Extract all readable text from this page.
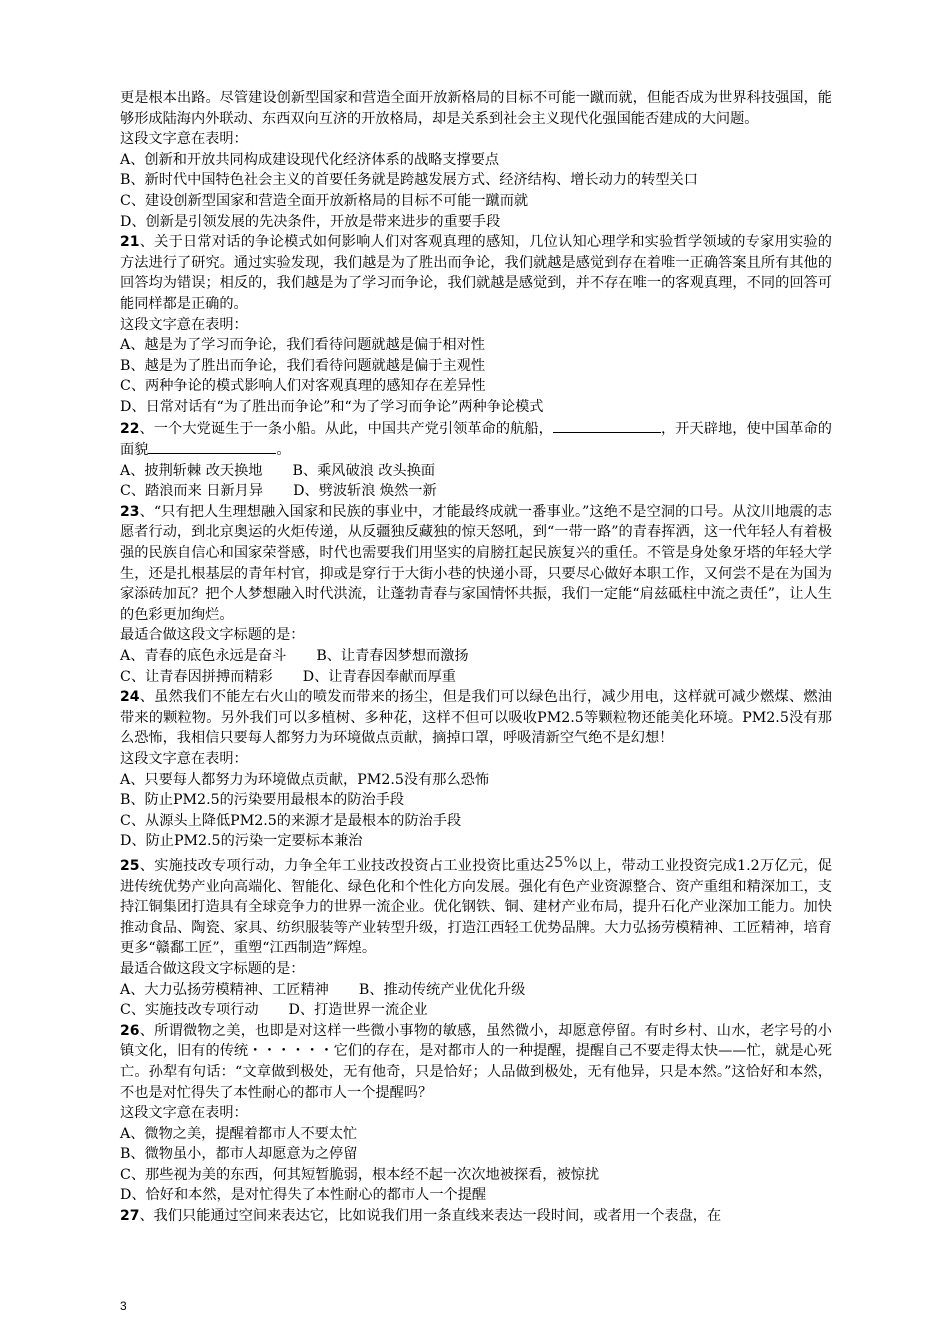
更是根本出路。尽管建设创新型国家和营造全面开放新格局的目标不可能一蹴而就，但能否成为世界科技强国，能够形成陆海内外联动、东西双向互济的开放格局，却是关系到社会主义现代化强国能否建成的大问题。

这段文字意在表明：

A、创新和开放共同构成建设现代化经济体系的战略支撑要点
B、新时代中国特色社会主义的首要任务就是跨越发展方式、经济结构、增长动力的转型关口
C、建设创新型国家和营造全面开放新格局的目标不可能一蹴而就
D、创新是引领发展的先决条件，开放是带来进步的重要手段

21、关于日常对话的争论模式如何影响人们对客观真理的感知，几位认知心理学和实验哲学领域的专家用实验的方法进行了研究。通过实验发现，我们越是为了胜出而争论，我们就越是感觉到存在着唯一正确答案且所有其他的回答均为错误；相反的，我们越是为了学习而争论，我们就越是感觉到，并不存在唯一的客观真理，不同的回答可能同样都是正确的。

这段文字意在表明：

A、越是为了学习而争论，我们看待问题就越是偏于相对性
B、越是为了胜出而争论，我们看待问题就越是偏于主观性
C、两种争论的模式影响人们对客观真理的感知存在差异性
D、日常对话有“为了胜出而争论”和“为了学习而争论”两种争论模式

22、一个大党诞生于一条小船。从此，中国共产党引领革命的航船，	，开天辟地，使中国革命的面貌	。

A、披荆斩棘 改天换地 B、乘风破浪 改头换面
C、踏浪而来 日新月异 D、劈波斩浪 焕然一新

23、“只有把人生理想融入国家和民族的事业中，才能最终成就一番事业。”这绝不是空洞的口号。从汶川地震的志愿者行动，到北京奥运的火炬传递，从反疆独反藏独的惊天怒吼，到“一带一路”的青春挥洒，这一代年轻人有着极强的民族自信心和国家荣誉感，时代也需要我们用坚实的肩膀扛起民族复兴的重任。不管是身处象牙塔的年轻大学生，还是扎根基层的青年村官，抑或是穿行于大街小巷的快递小哥，只要尽心做好本职工作，又何尝不是在为国为家添砖加瓦？把个人梦想融入时代洪流，让蓬勃青春与家国情怀共振，我们一定能“肩兹砥柱中流之责任”，让人生的色彩更加绚烂。

最适合做这段文字标题的是：

A、青春的底色永远是奋斗 B、让青春因梦想而激扬
C、让青春因拼搏而精彩 D、让青春因奉献而厚重

24、虽然我们不能左右火山的喷发而带来的扬尘，但是我们可以绿色出行，减少用电，这样就可减少燃煤、燃油带来的颗粒物。另外我们可以多植树、多种花，这样不但可以吸收PM2.5等颗粒物还能美化环境。PM2.5没有那么恐怖，我相信只要每人都努力为环境做点贡献，摘掉口罩，呼吸清新空气绝不是幻想！

这段文字意在表明：

A、只要每人都努力为环境做点贡献，PM2.5没有那么恐怖
B、防止PM2.5的污染要用最根本的防治手段
C、从源头上降低PM2.5的来源才是最根本的防治手段
D、防止PM2.5的污染一定要标本兼治

25、实施技改专项行动，力争全年工业技改投资占工业投资比重达25%以上，带动工业投资完成1.2万亿元，促进传统优势产业向高端化、智能化、绿色化和个性化方向发展。强化有色产业资源整合、资产重组和精深加工，支持江铜集团打造具有全球竞争力的世界一流企业。优化钢铁、铜、建材产业布局，提升石化产业深加工能力。加快推动食品、陶瓷、家具、纺织服装等产业转型升级，打造江西轻工优势品牌。大力弘扬劳模精神、工匠精神，培育更多“赣鄱工匠”，重塑“江西制造”辉煌。

最适合做这段文字标题的是：

A、大力弘扬劳模精神、工匠精神 B、推动传统产业优化升级
C、实施技改专项行动 D、打造世界一流企业

26、所谓微物之美，也即是对这样一些微小事物的敏感，虽然微小，却愿意停留。有时乡村、山水，老字号的小镇文化，旧有的传统・・・・・・它们的存在，是对都市人的一种提醒，提醒自己不要走得太快——忙，就是心死亡。孙犁有句话：“文章做到极处，无有他奇，只是恰好；人品做到极处，无有他异，只是本然。”这恰好和本然，不也是对忙得失了本性耐心的都市人一个提醒吗？

这段文字意在表明：

A、微物之美，提醒着都市人不要太忙
B、微物虽小，都市人却愿意为之停留
C、那些视为美的东西，何其短暂脆弱，根本经不起一次次地被探看，被惊扰
D、恰好和本然，是对忙得失了本性耐心的都市人一个提醒

27、我们只能通过空间来表达它，比如说我们用一条直线来表达一段时间，或者用一个表盘，在

3
